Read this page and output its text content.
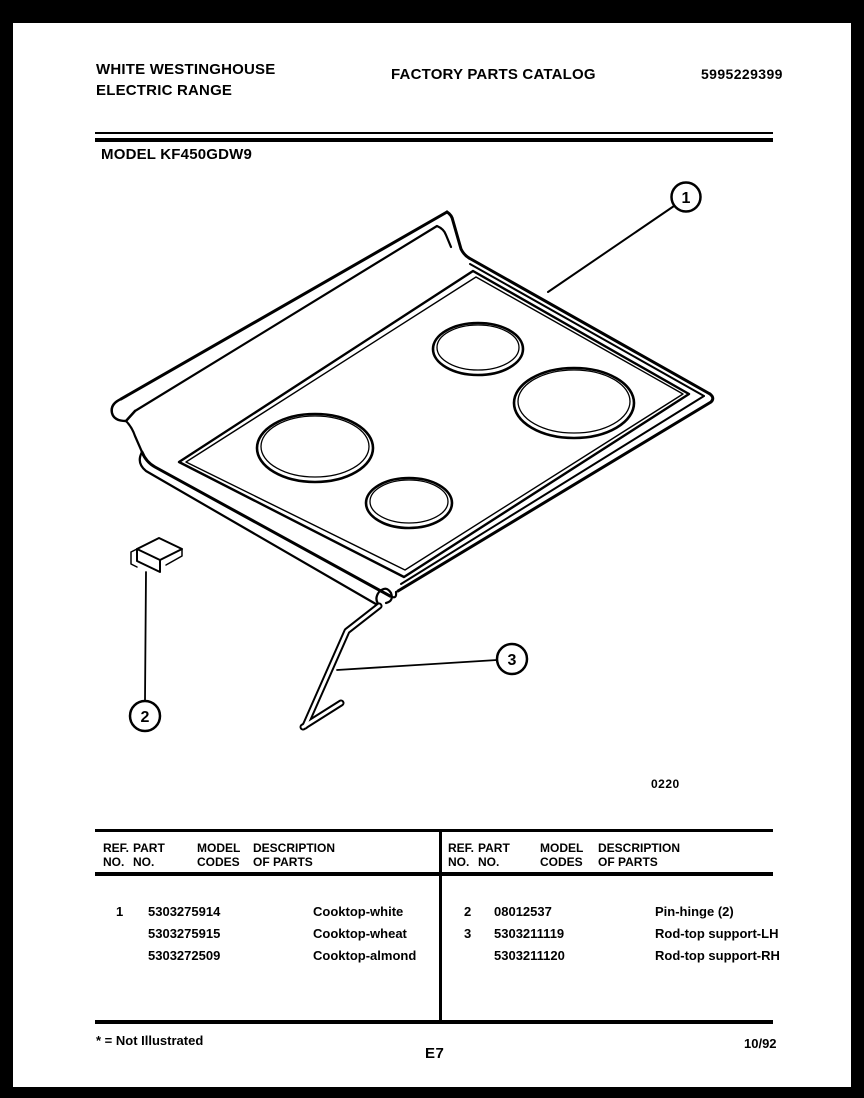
WHITE WESTINGHOUSE
ELECTRIC RANGE
FACTORY PARTS CATALOG	5995229399
MODEL KF450GDW9
1
2
3
0220
REF.
NO.
PART
NO.
MODEL
CODES
DESCRIPTION
OF PARTS
REF.
NO.
PART
NO.
MODEL
CODES
DESCRIPTION
OF PARTS
1 5303275914
5303275915
5303272509
Cooktop-white
Cooktop-wheat
Cooktop-almond
2
3
08012537
5303211119
5303211120
Pin-hinge (2)
Rod-top support-LH
Rod-top support-RH
* = Not Illustrated
E7
10/92
